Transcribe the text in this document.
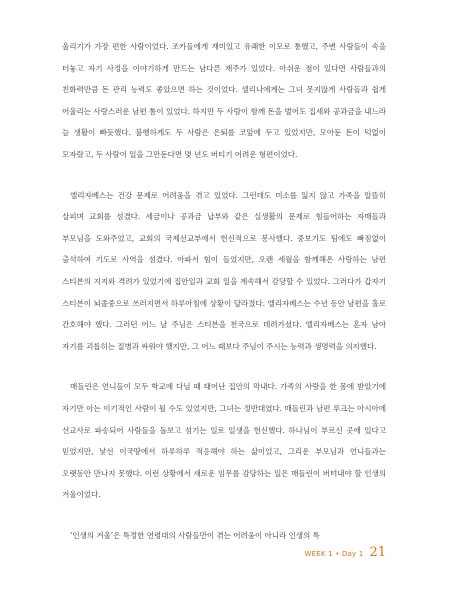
울리기가 가장 편한 사람이었다. 조카들에게 재미있고 유쾌한 이모로 통했고, 주변 사람들이 속을 터놓고 자기 사정을 이야기하게 만드는 남다른 재주가 있었다. 아쉬운 점이 있다면 사람들과의 친화력만큼 돈 관리 능력도 좋았으면 하는 것이었다. 셀리나에게는 그녀 못지않게 사람들과 쉽게 어울리는 사랑스러운 남편 톰이 있었다. 하지만 두 사람이 함께 돈을 벌어도 집세와 공과금을 내느라 늘 생활이 빠듯했다. 불행하게도 두 사람은 은퇴를 코앞에 두고 있었지만, 모아둔 돈이 턱없이 모자랐고, 두 사람이 일을 그만둔다면 몇 년도 버티기 어려운 형편이었다.

엘리자베스는 건강 문제로 어려움을 겪고 있었다. 그런데도 미소를 잃지 않고 가족을 알뜰히 살피며 교회를 섬겼다. 세금이나 공과금 납부와 같은 실생활의 문제로 힘들어하는 자매들과 부모님을 도와주었고, 교회의 국제선교부에서 헌신적으로 봉사했다. 중보기도 팀에도 빠짐없이 출석하여 기도로 사역을 섬겼다. 아파서 힘이 들었지만, 오랜 세월을 함께해온 사랑하는 남편 스티븐의 지지와 격려가 있었기에 집안일과 교회 일을 계속해서 감당할 수 있었다. 그러다가 갑자기 스티븐이 뇌졸중으로 쓰러지면서 하루아침에 상황이 달라졌다. 엘리자베스는 수년 동안 남편을 홀로 간호해야 했다. 그러던 어느 날 주님은 스티븐을 천국으로 데려가셨다. 엘리자베스는 혼자 남아 자기를 괴롭히는 질병과 싸워야 했지만, 그 어느 때보다 주님이 주시는 능력과 생명력을 의지했다.

매들린은 언니들이 모두 학교에 다닐 때 태어난 집안의 막내다. 가족의 사랑을 한 몸에 받았기에 자기만 아는 이기적인 사람이 될 수도 있었지만, 그녀는 정반대였다. 매들린과 남편 루크는 아시아에 선교사로 파송되어 사람들을 돌보고 섬기는 일로 일생을 헌신했다. 하나님이 부르신 곳에 있다고 믿었지만, 낯선 이국땅에서 하루하루 적응해야 하는 삶이었고, 그리운 부모님과 언니들과는 오랫동안 만나지 못했다. 이런 상황에서 새로운 임무를 감당하는 일은 매들린이 버텨내야 할 인생의 겨울이었다.

‘인생의 겨울’은 특정한 연령대의 사람들만이 겪는 어려움이 아니라 인생의 특

WEEK 1 • Day 1 21
